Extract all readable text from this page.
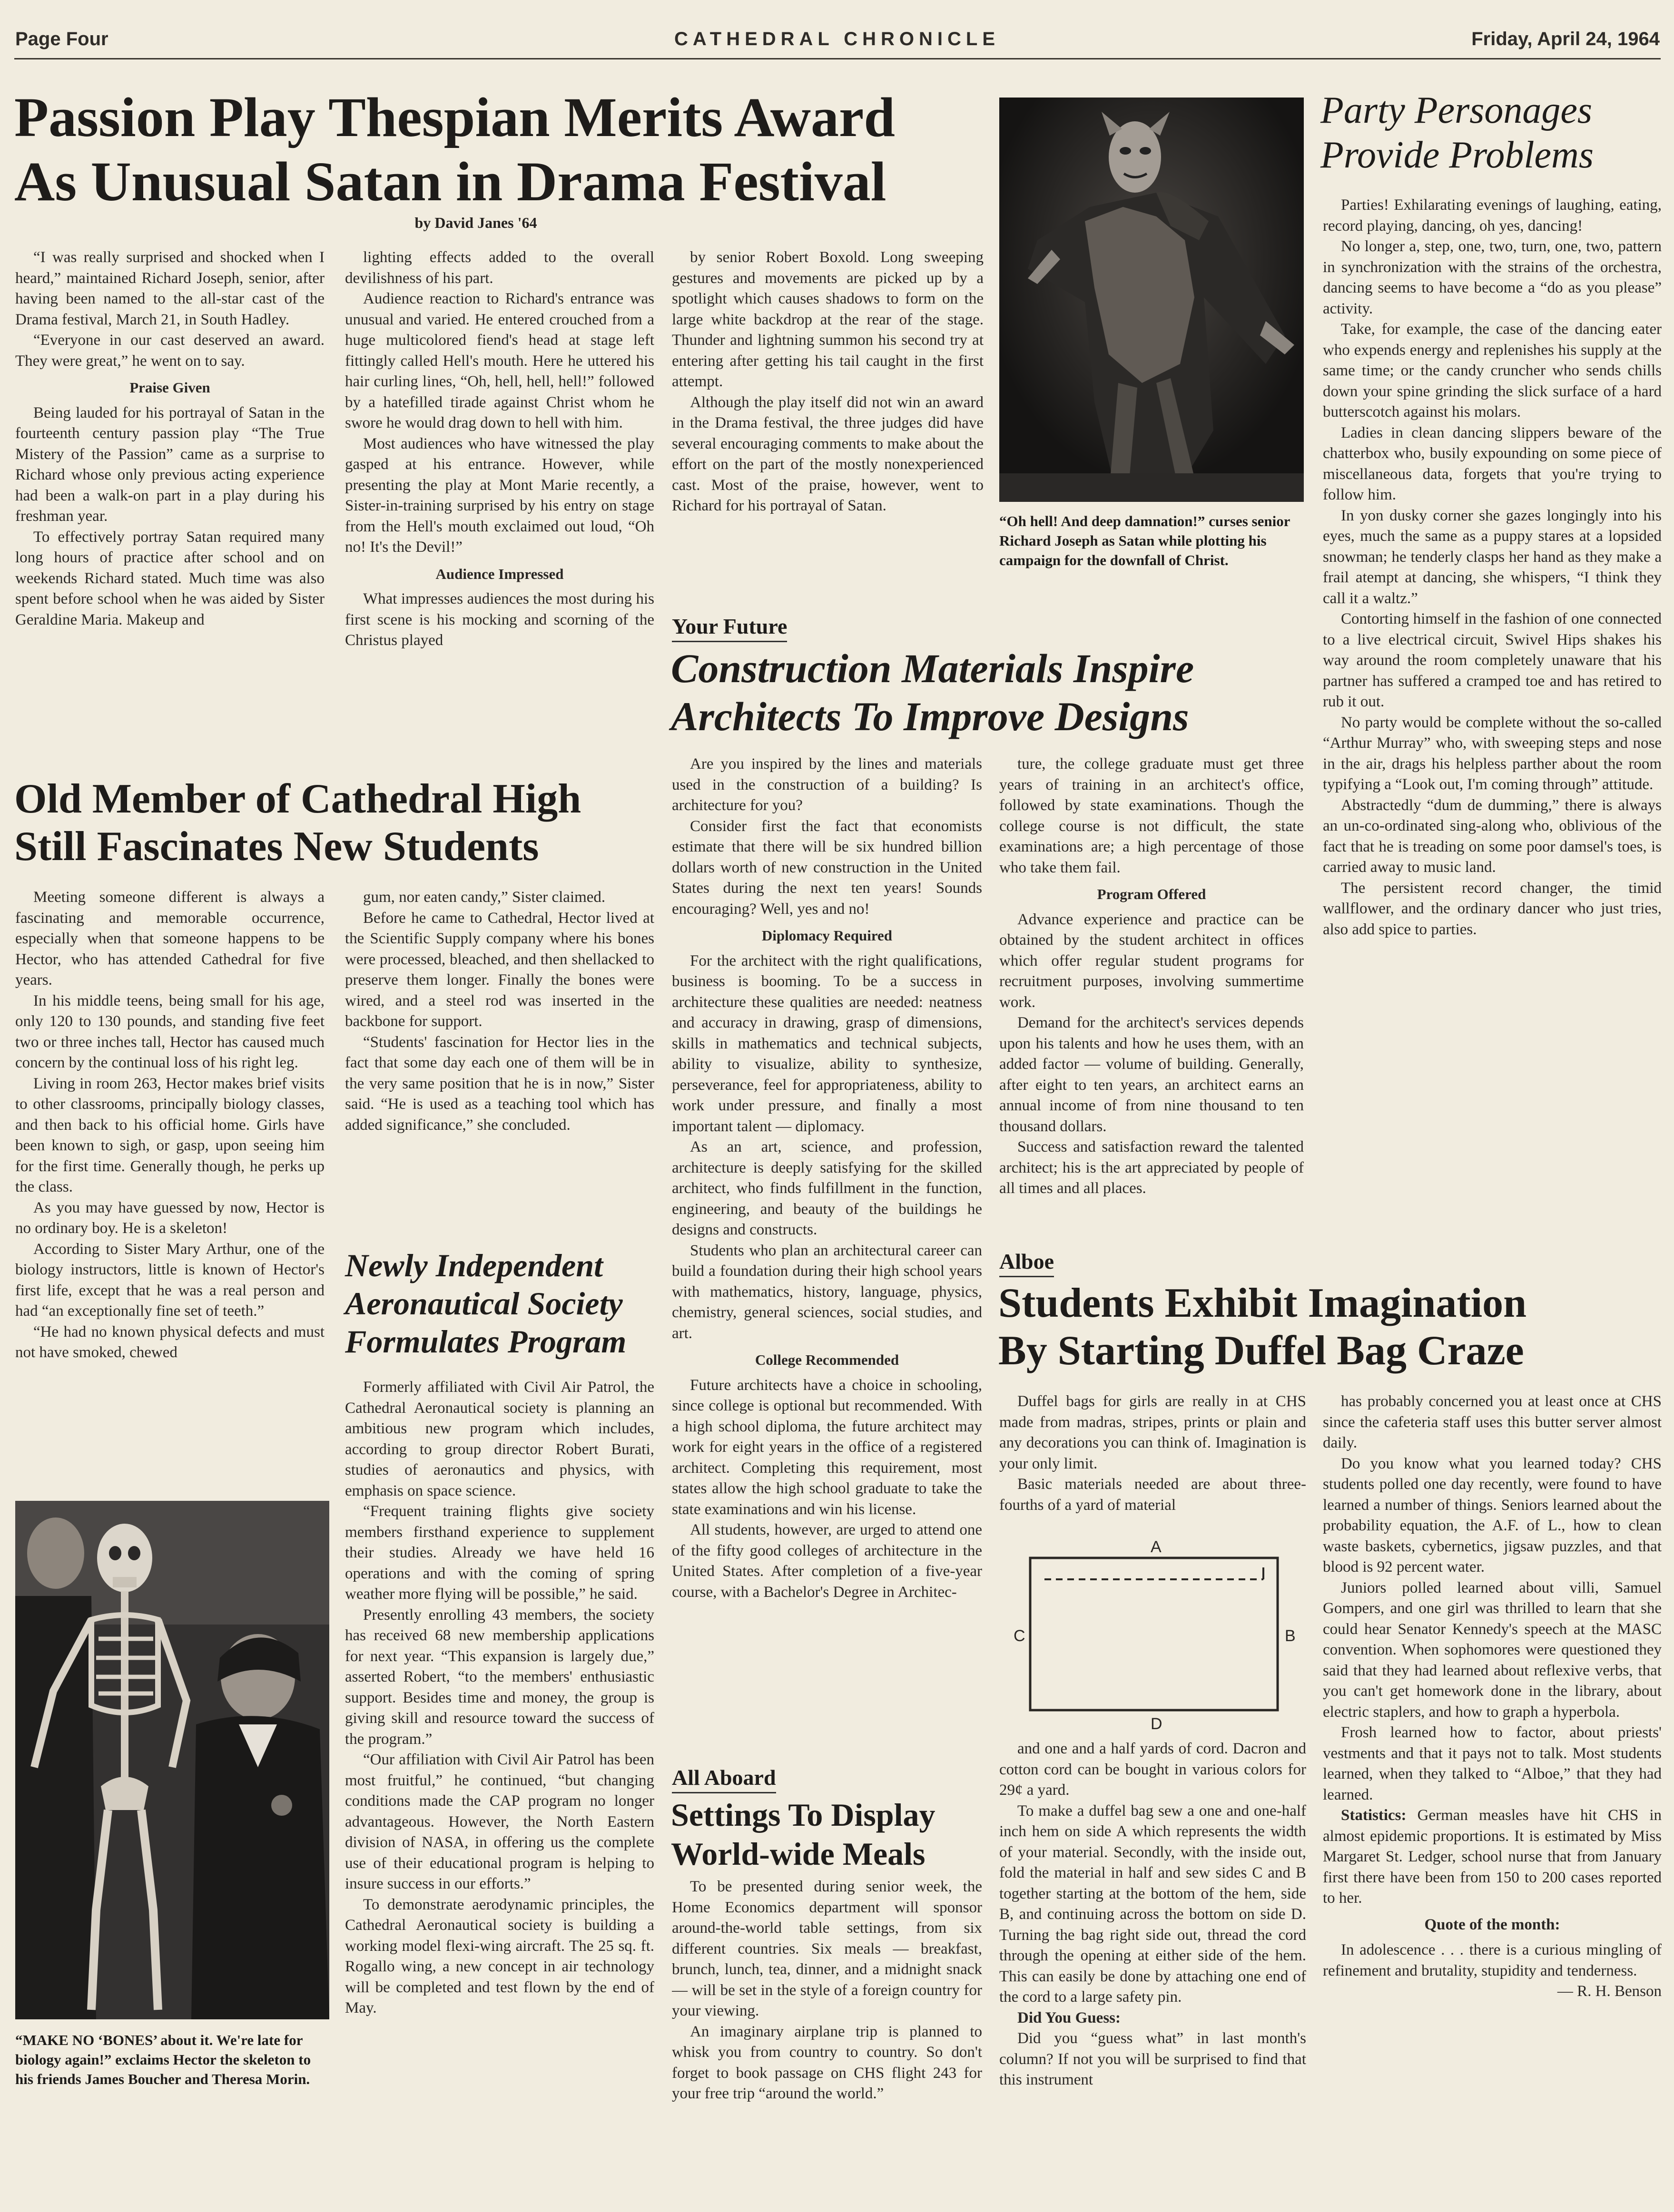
Page Four	CATHEDRAL CHRONICLE	Friday, April 24, 1964
Passion Play Thespian Merits Award
As Unusual Satan in Drama Festival
by David Janes '64

“I was really surprised and shocked when I heard,” maintained Richard Joseph, senior, after having been named to the all-star cast of the Drama festival, March 21, in South Hadley.

“Everyone in our cast deserved an award. They were great,” he went on to say.

Praise Given

Being lauded for his portrayal of Satan in the fourteenth century passion play “The True Mistery of the Passion” came as a surprise to Richard whose only previous acting experience had been a walk-on part in a play during his freshman year.

To effectively portray Satan required many long hours of practice after school and on weekends Richard stated. Much time was also spent before school when he was aided by Sister Geraldine Maria. Makeup and

lighting effects added to the overall devilishness of his part.

Audience reaction to Richard's entrance was unusual and varied. He entered crouched from a huge multicolored fiend's head at stage left fittingly called Hell's mouth. Here he uttered his hair curling lines, “Oh, hell, hell, hell!” followed by a hatefilled tirade against Christ whom he swore he would drag down to hell with him.

Most audiences who have witnessed the play gasped at his entrance. However, while presenting the play at Mont Marie recently, a Sister-in-training surprised by his entry on stage from the Hell's mouth exclaimed out loud, “Oh no! It's the Devil!”

Audience Impressed

What impresses audiences the most during his first scene is his mocking and scorning of the Christus played

by senior Robert Boxold. Long sweeping gestures and movements are picked up by a spotlight which causes shadows to form on the large white backdrop at the rear of the stage. Thunder and lightning summon his second try at entering after getting his tail caught in the first attempt.

Although the play itself did not win an award in the Drama festival, the three judges did have several encouraging comments to make about the effort on the part of the mostly nonexperienced cast. Most of the praise, however, went to Richard for his portrayal of Satan.

“Oh hell! And deep damnation!” curses senior Richard Joseph as Satan while plotting his campaign for the downfall of Christ.
Party Personages
Provide Problems

Parties! Exhilarating evenings of laughing, eating, record playing, dancing, oh yes, dancing!

No longer a, step, one, two, turn, one, two, pattern in synchronization with the strains of the orchestra, dancing seems to have become a “do as you please” activity.

Take, for example, the case of the dancing eater who expends energy and replenishes his supply at the same time; or the candy cruncher who sends chills down your spine grinding the slick surface of a hard butterscotch against his molars.

Ladies in clean dancing slippers beware of the chatterbox who, busily expounding on some piece of miscellaneous data, forgets that you're trying to follow him.

In yon dusky corner she gazes longingly into his eyes, much the same as a puppy stares at a lopsided snowman; he tenderly clasps her hand as they make a frail atempt at dancing, she whispers, “I think they call it a waltz.”

Contorting himself in the fashion of one connected to a live electrical circuit, Swivel Hips shakes his way around the room completely unaware that his partner has suffered a cramped toe and has retired to rub it out.

No party would be complete without the so-called “Arthur Murray” who, with sweeping steps and nose in the air, drags his helpless parther about the room typifying a “Look out, I'm coming through” attitude.

Abstractedly “dum de dumming,” there is always an un-co-ordinated sing-along who, oblivious of the fact that he is treading on some poor damsel's toes, is carried away to music land.

The persistent record changer, the timid wallflower, and the ordinary dancer who just tries, also add spice to parties.

Your Future
Construction Materials Inspire
Architects To Improve Designs

Are you inspired by the lines and materials used in the construction of a building? Is architecture for you?

Consider first the fact that economists estimate that there will be six hundred billion dollars worth of new construction in the United States during the next ten years! Sounds encouraging? Well, yes and no!

Diplomacy Required

For the architect with the right qualifications, business is booming. To be a success in architecture these qualities are needed: neatness and accuracy in drawing, grasp of dimensions, skills in mathematics and technical subjects, ability to visualize, ability to synthesize, perseverance, feel for appropriateness, ability to work under pressure, and finally a most important talent — diplomacy.

As an art, science, and profession, architecture is deeply satisfying for the skilled architect, who finds fulfillment in the function, engineering, and beauty of the buildings he designs and constructs.

Students who plan an architectural career can build a foundation during their high school years with mathematics, history, language, physics, chemistry, general sciences, social studies, and art.

College Recommended

Future architects have a choice in schooling, since college is optional but recommended. With a high school diploma, the future architect may work for eight years in the office of a registered architect. Completing this requirement, most states allow the high school graduate to take the state examinations and win his license.

All students, however, are urged to attend one of the fifty good colleges of architecture in the United States. After completion of a five-year course, with a Bachelor's Degree in Architec-

ture, the college graduate must get three years of training in an architect's office, followed by state examinations. Though the college course is not difficult, the state examinations are; a high percentage of those who take them fail.

Program Offered

Advance experience and practice can be obtained by the student architect in offices which offer regular student programs for recruitment purposes, involving summertime work.

Demand for the architect's services depends upon his talents and how he uses them, with an added factor — volume of building. Generally, after eight to ten years, an architect earns an annual income of from nine thousand to ten thousand dollars.

Success and satisfaction reward the talented architect; his is the art appreciated by people of all times and all places.

Old Member of Cathedral High
Still Fascinates New Students

Meeting someone different is always a fascinating and memorable occurrence, especially when that someone happens to be Hector, who has attended Cathedral for five years.

In his middle teens, being small for his age, only 120 to 130 pounds, and standing five feet two or three inches tall, Hector has caused much concern by the continual loss of his right leg.

Living in room 263, Hector makes brief visits to other classrooms, principally biology classes, and then back to his official home. Girls have been known to sigh, or gasp, upon seeing him for the first time. Generally though, he perks up the class.

As you may have guessed by now, Hector is no ordinary boy. He is a skeleton!

According to Sister Mary Arthur, one of the biology instructors, little is known of Hector's first life, except that he was a real person and had “an exceptionally fine set of teeth.”

“He had no known physical defects and must not have smoked, chewed

gum, nor eaten candy,” Sister claimed.

Before he came to Cathedral, Hector lived at the Scientific Supply company where his bones were processed, bleached, and then shellacked to preserve them longer. Finally the bones were wired, and a steel rod was inserted in the backbone for support.

“Students' fascination for Hector lies in the fact that some day each one of them will be in the very same position that he is in now,” Sister said. “He is used as a teaching tool which has added significance,” she concluded.

“MAKE NO ‘BONES’ about it. We're late for biology again!” exclaims Hector the skeleton to his friends James Boucher and Theresa Morin.
Newly Independent
Aeronautical Society
Formulates Program

Formerly affiliated with Civil Air Patrol, the Cathedral Aeronautical society is planning an ambitious new program which includes, according to group director Robert Burati, studies of aeronautics and physics, with emphasis on space science.

“Frequent training flights give society members firsthand experience to supplement their studies. Already we have held 16 operations and with the coming of spring weather more flying will be possible,” he said.

Presently enrolling 43 members, the society has received 68 new membership applications for next year. “This expansion is largely due,” asserted Robert, “to the members' enthusiastic support. Besides time and money, the group is giving skill and resource toward the success of the program.”

“Our affiliation with Civil Air Patrol has been most fruitful,” he continued, “but changing conditions made the CAP program no longer advantageous. However, the North Eastern division of NASA, in offering us the complete use of their educational program is helping to insure success in our efforts.”

To demonstrate aerodynamic principles, the Cathedral Aeronautical society is building a working model flexi-wing aircraft. The 25 sq. ft. Rogallo wing, a new concept in air technology will be completed and test flown by the end of May.

All Aboard
Settings To Display
World-wide Meals

To be presented during senior week, the Home Economics department will sponsor around-the-world table settings, from six different countries. Six meals — breakfast, brunch, lunch, tea, dinner, and a midnight snack — will be set in the style of a foreign country for your viewing.

An imaginary airplane trip is planned to whisk you from country to country. So don't forget to book passage on CHS flight 243 for your free trip “around the world.”

Alboe
Students Exhibit Imagination
By Starting Duffel Bag Craze

Duffel bags for girls are really in at CHS made from madras, stripes, prints or plain and any decorations you can think of. Imagination is your only limit.

Basic materials needed are about three-fourths of a yard of material

A
B
C
D

and one and a half yards of cord. Dacron and cotton cord can be bought in various colors for 29¢ a yard.

To make a duffel bag sew a one and one-half inch hem on side A which represents the width of your material. Secondly, with the inside out, fold the material in half and sew sides C and B together starting at the bottom of the hem, side B, and continuing across the bottom on side D. Turning the bag right side out, thread the cord through the opening at either side of the hem. This can easily be done by attaching one end of the cord to a large safety pin.

Did You Guess:

Did you “guess what” in last month's column? If not you will be surprised to find that this instrument

has probably concerned you at least once at CHS since the cafeteria staff uses this butter server almost daily.

Do you know what you learned today? CHS students polled one day recently, were found to have learned a number of things. Seniors learned about the probability equation, the A.F. of L., how to clean waste baskets, cybernetics, jigsaw puzzles, and that blood is 92 percent water.

Juniors polled learned about villi, Samuel Gompers, and one girl was thrilled to learn that she could hear Senator Kennedy's speech at the MASC convention. When sophomores were questioned they said that they had learned about reflexive verbs, that you can't get homework done in the library, about electric staplers, and how to graph a hyperbola.

Frosh learned how to factor, about priests' vestments and that it pays not to talk. Most students learned, when they talked to “Alboe,” that they had learned.

Statistics: German measles have hit CHS in almost epidemic proportions. It is estimated by Miss Margaret St. Ledger, school nurse that from January first there have been from 150 to 200 cases reported to her.

Quote of the month:

In adolescence . . . there is a curious mingling of refinement and brutality, stupidity and tenderness.

— R. H. Benson
